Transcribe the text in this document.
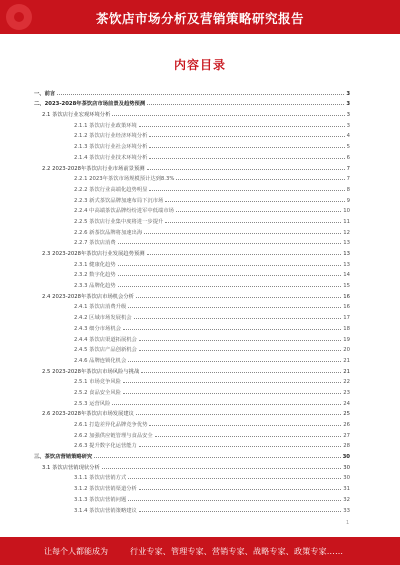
茶饮店市场分析及营销策略研究报告
内容目录
一、前言	3
二、2023-2028年茶饮店市场前景及趋势预测	3
2.1 茶饮店行业宏观环境分析	3
2.1.1 茶饮店行业政策环境	3
2.1.2 茶饮店行业经济环境分析	4
2.1.3 茶饮店行业社会环境分析	5
2.1.4 茶饮店行业技术环境分析	6
2.2 2023-2028年茶饮店行业市场前景预测	7
2.2.1 2023年茶饮市场规模预计达到8.3%	7
2.2.2 茶饮行业高端化趋势明显	8
2.2.3 新式茶饮品牌加速布局下沉市场	9
2.2.4 中高端茶饮品牌纷纷进军中低端市场	10
2.2.5 茶饮店行业集中度将进一步提升	11
2.2.6 新茶饮品牌将加速出海	12
2.2.7 茶饮店消费	13
2.3 2023-2028年茶饮店行业发展趋势预测	13
2.3.1 健康化趋势	13
2.3.2 数字化趋势	14
2.3.3 品牌化趋势	15
2.4 2023-2028年茶饮店市场机会分析	16
2.4.1 茶饮店消费升级	16
2.4.2 区域市场发展机会	17
2.4.3 细分市场机会	18
2.4.4 茶饮店渠道拓展机会	19
2.4.5 茶饮店产品创新机会	20
2.4.6 品牌连锁化机会	21
2.5 2023-2028年茶饮店市场风险与挑战	21
2.5.1 市场竞争风险	22
2.5.2 食品安全风险	23
2.5.3 运营风险	24
2.6 2023-2028年茶饮店市场发展建议	25
2.6.1 打造差异化品牌竞争优势	26
2.6.2 加强供应链管理与食品安全	27
2.6.3 提升数字化运营能力	28
三、茶饮店营销策略研究	30
3.1 茶饮店营销现状分析	30
3.1.1 茶饮店营销方式	30
3.1.2 茶饮店营销渠道分析	31
3.1.3 茶饮店营销问题	32
3.1.4 茶饮店营销策略建议	33
1
让每个人都能成为	行业专家、管理专家、营销专家、战略专家、政策专家……
